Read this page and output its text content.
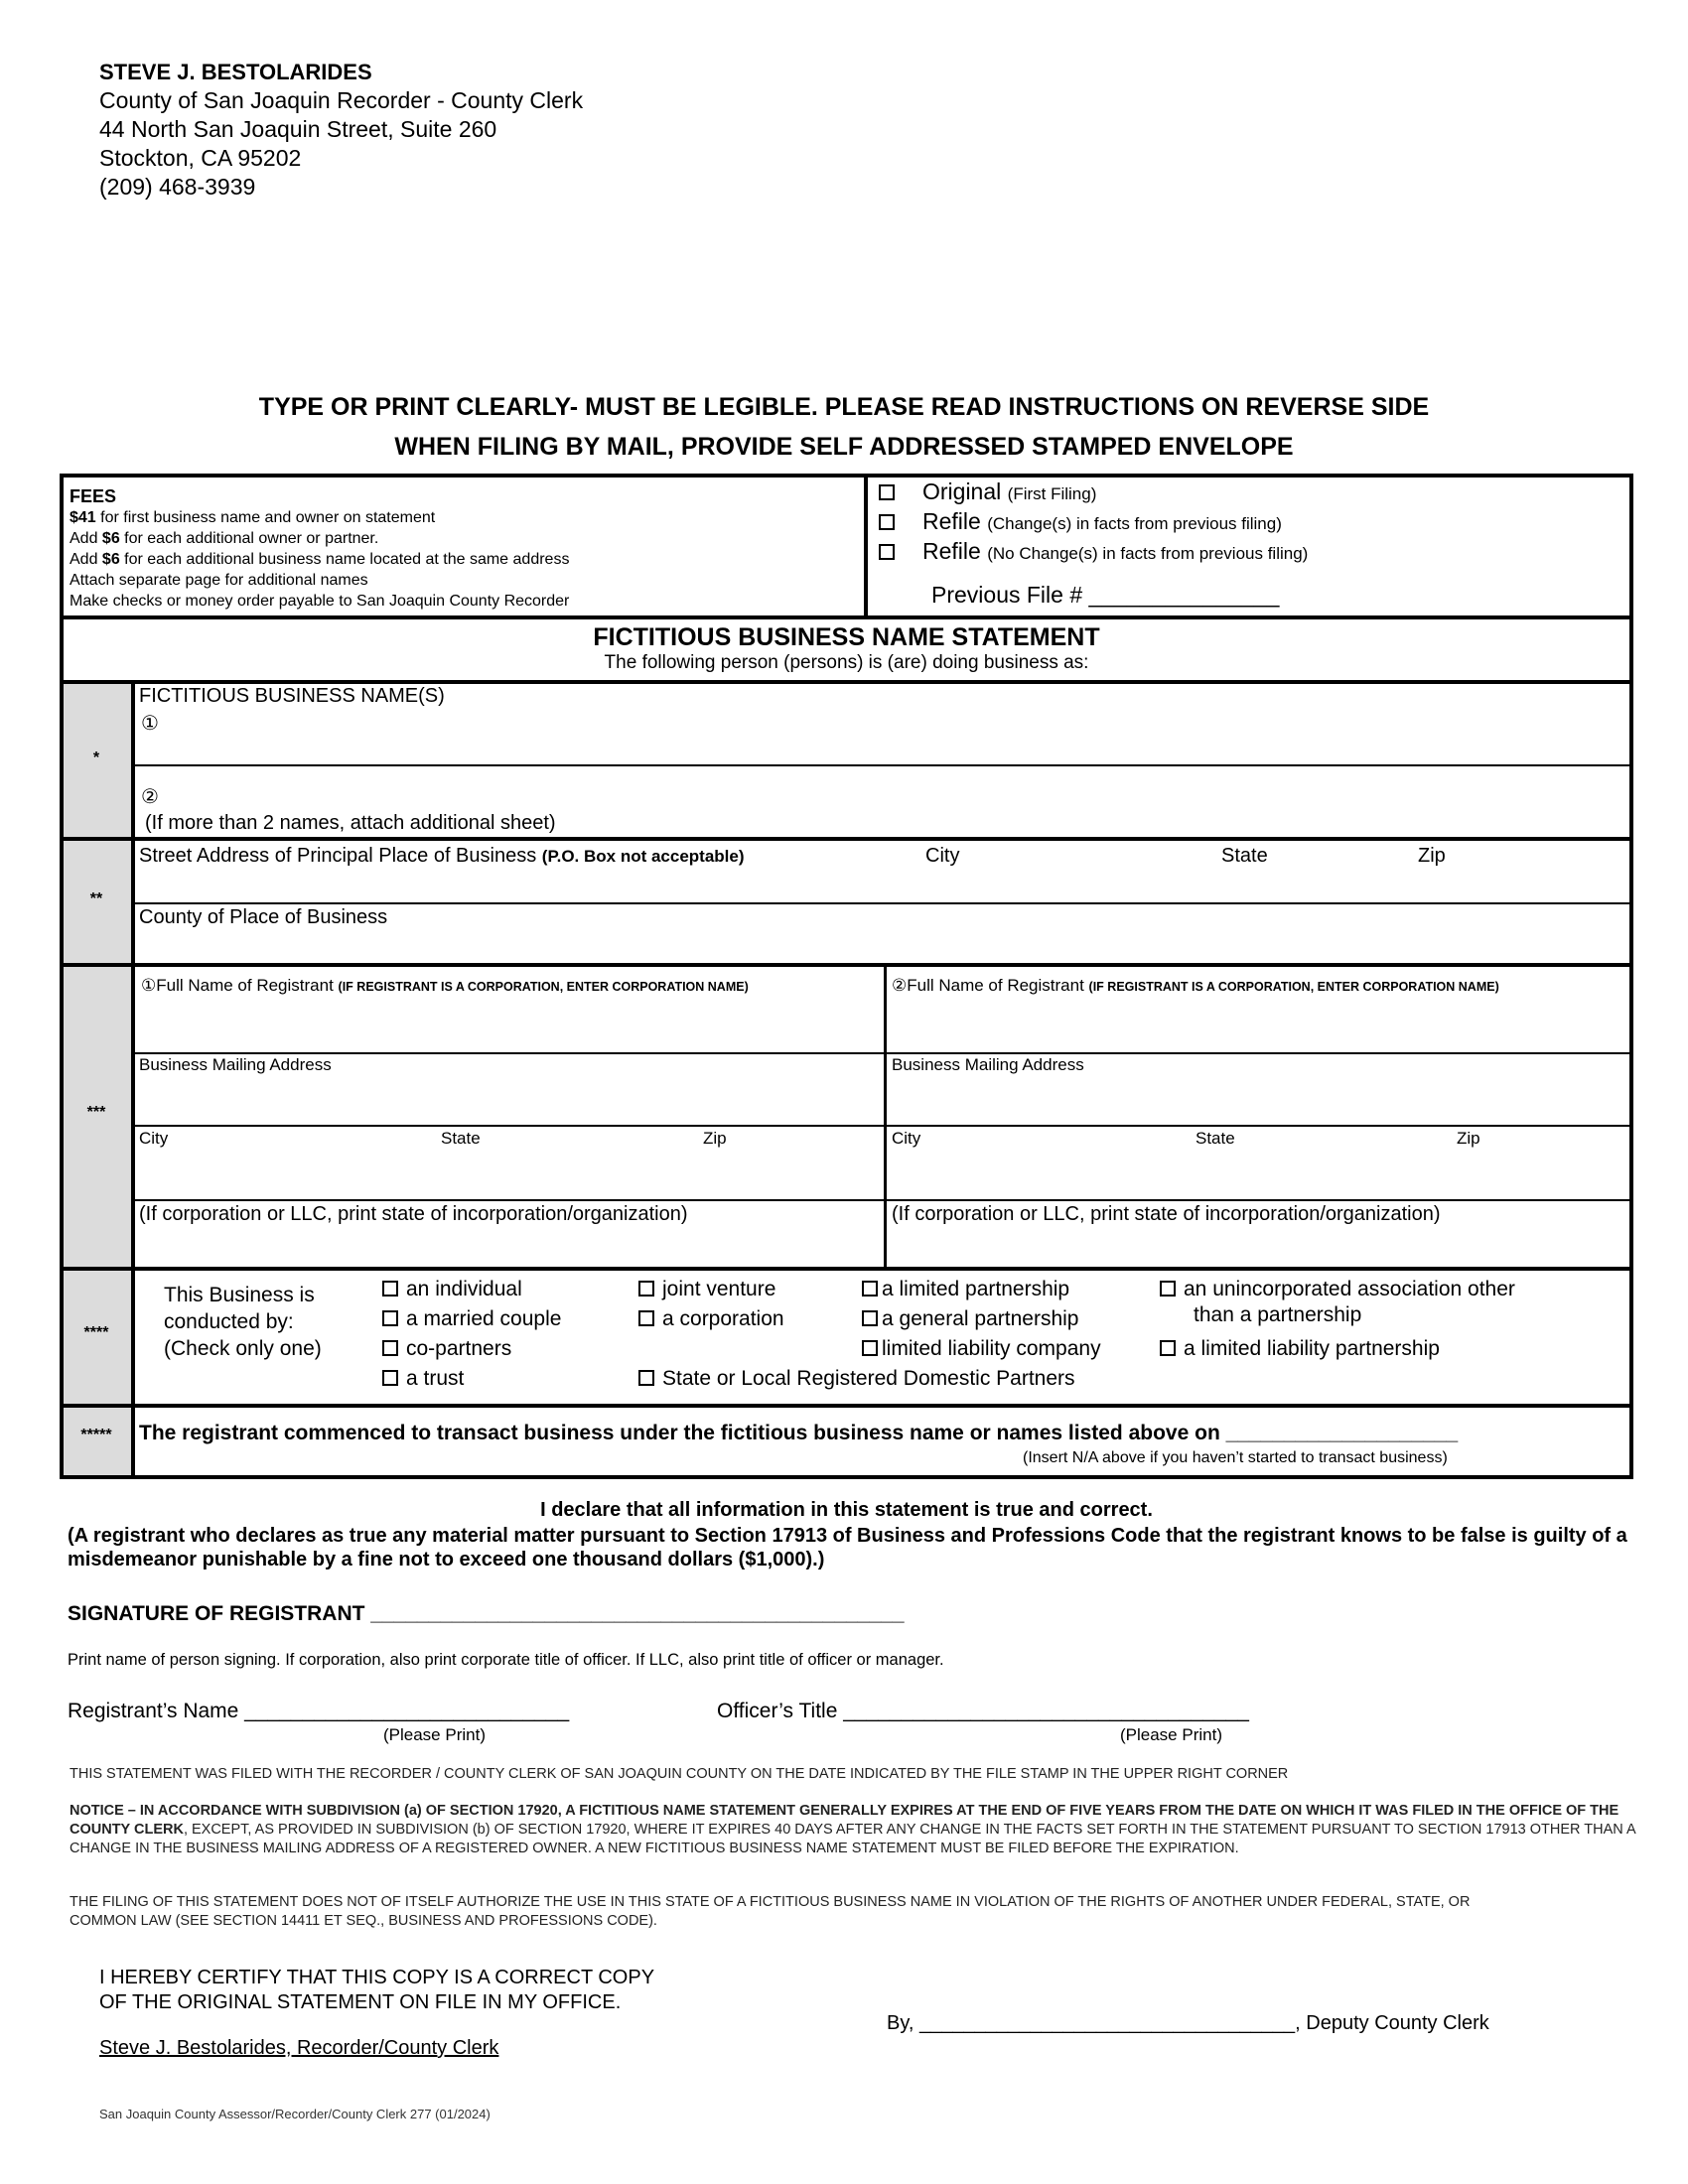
STEVE J. BESTOLARIDES
County of San Joaquin Recorder - County Clerk
44 North San Joaquin Street, Suite 260
Stockton, CA 95202
(209) 468-3939
TYPE OR PRINT CLEARLY- MUST BE LEGIBLE. PLEASE READ INSTRUCTIONS ON REVERSE SIDE
WHEN FILING BY MAIL, PROVIDE SELF ADDRESSED STAMPED ENVELOPE
FEES
$41 for first business name and owner on statement
Add $6 for each additional owner or partner.
Add $6 for each additional business name located at the same address
Attach separate page for additional names
Make checks or money order payable to San Joaquin County Recorder
Original (First Filing)
Refile (Change(s) in facts from previous filing)
Refile (No Change(s) in facts from previous filing)
Previous File # _______________
FICTITIOUS BUSINESS NAME STATEMENT
The following person (persons) is (are) doing business as:
*
FICTITIOUS BUSINESS NAME(S)
①
②
(If more than 2 names, attach additional sheet)
**
Street Address of Principal Place of Business (P.O. Box not acceptable)	City	State	Zip
County of Place of Business
***
①Full Name of Registrant (IF REGISTRANT IS A CORPORATION, ENTER CORPORATION NAME)	②Full Name of Registrant (IF REGISTRANT IS A CORPORATION, ENTER CORPORATION NAME)
Business Mailing Address	Business Mailing Address
City	State	Zip	City	State	Zip
(If corporation or LLC, print state of incorporation/organization)	(If corporation or LLC, print state of incorporation/organization)
****
This Business is
conducted by:
(Check only one)
an individual
a married couple
co-partners
a trust
joint venture
a corporation
State or Local Registered Domestic Partners
a limited partnership
a general partnership
limited liability company
an unincorporated association other
than a partnership
a limited liability partnership
*****	The registrant commenced to transact business under the fictitious business name or names listed above on ____________________
(Insert N/A above if you haven’t started to transact business)
I declare that all information in this statement is true and correct.
(A registrant who declares as true any material matter pursuant to Section 17913 of Business and Professions Code that the registrant knows to be false is guilty of a misdemeanor punishable by a fine not to exceed one thousand dollars ($1,000).)
SIGNATURE OF REGISTRANT ______________________________________________
Print name of person signing. If corporation, also print corporate title of officer. If LLC, also print title of officer or manager.
Registrant’s Name ____________________________	Officer’s Title ___________________________________
(Please Print)	(Please Print)
THIS STATEMENT WAS FILED WITH THE RECORDER / COUNTY CLERK OF SAN JOAQUIN COUNTY ON THE DATE INDICATED BY THE FILE STAMP IN THE UPPER RIGHT CORNER
NOTICE – IN ACCORDANCE WITH SUBDIVISION (a) OF SECTION 17920, A FICTITIOUS NAME STATEMENT GENERALLY EXPIRES AT THE END OF FIVE YEARS FROM THE DATE ON WHICH IT WAS FILED IN THE OFFICE OF THE COUNTY CLERK, EXCEPT, AS PROVIDED IN SUBDIVISION (b) OF SECTION 17920, WHERE IT EXPIRES 40 DAYS AFTER ANY CHANGE IN THE FACTS SET FORTH IN THE STATEMENT PURSUANT TO SECTION 17913 OTHER THAN A CHANGE IN THE BUSINESS MAILING ADDRESS OF A REGISTERED OWNER. A NEW FICTITIOUS BUSINESS NAME STATEMENT MUST BE FILED BEFORE THE EXPIRATION.
THE FILING OF THIS STATEMENT DOES NOT OF ITSELF AUTHORIZE THE USE IN THIS STATE OF A FICTITIOUS BUSINESS NAME IN VIOLATION OF THE RIGHTS OF ANOTHER UNDER FEDERAL, STATE, OR COMMON LAW (SEE SECTION 14411 ET SEQ., BUSINESS AND PROFESSIONS CODE).
I HEREBY CERTIFY THAT THIS COPY IS A CORRECT COPY
OF THE ORIGINAL STATEMENT ON FILE IN MY OFFICE.
Steve J. Bestolarides, Recorder/County Clerk
By, __________________________________, Deputy County Clerk
San Joaquin County Assessor/Recorder/County Clerk 277 (01/2024)
